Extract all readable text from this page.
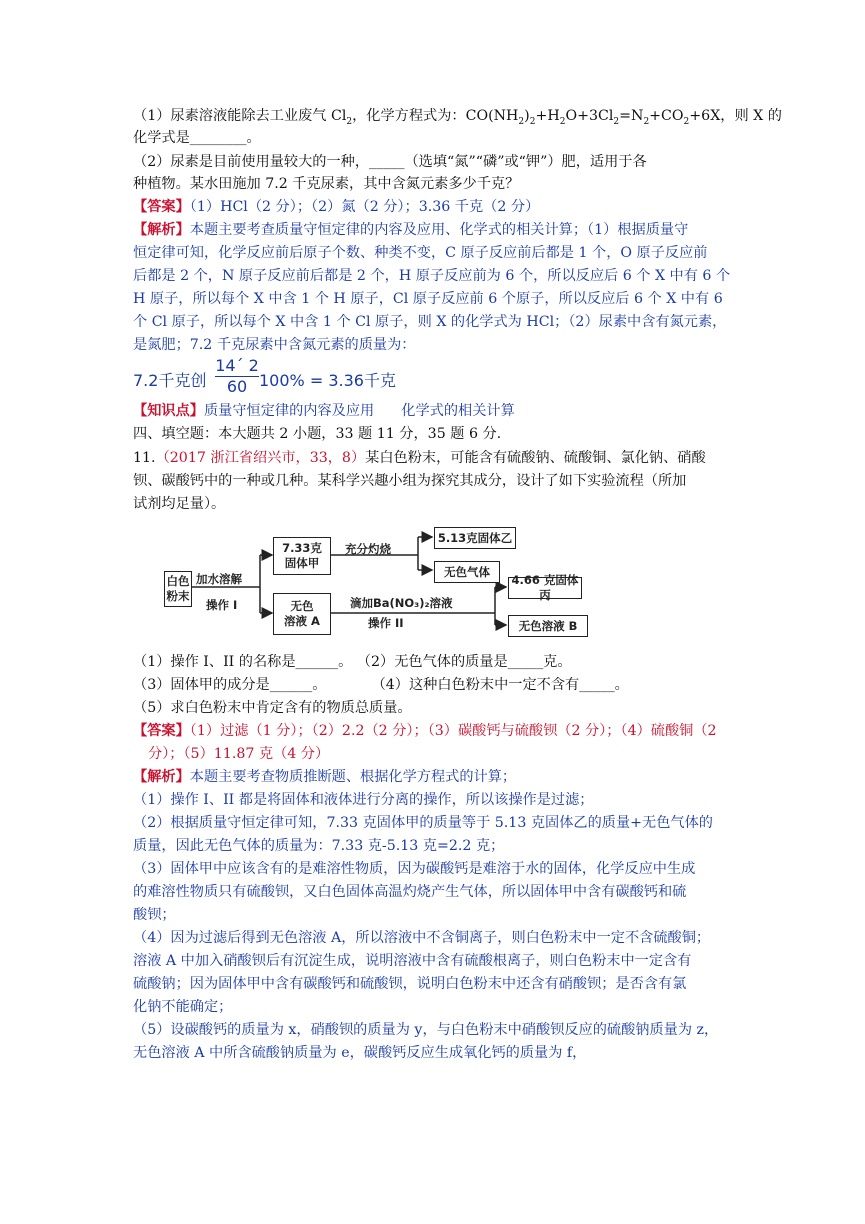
（1）尿素溶液能除去工业废气 $Cl_2$，化学方程式为：$CO(NH_2)_2+H_2O+3Cl_2=N_2+CO_2+6X$，则 X 的
化学式是________。
（2）尿素是目前使用量较大的一种，_____（选填“氮”“磷”或“钾”）肥，适用于各
种植物。某水田施加 7.2 千克尿素，其中含氮元素多少千克？
【答案】（1）HCl（2 分）；（2）氮（2 分）；3.36 千克（2 分）
【解析】本题主要考查质量守恒定律的内容及应用、化学式的相关计算；（1）根据质量守
恒定律可知，化学反应前后原子个数、种类不变，C 原子反应前后都是 1 个，O 原子反应前
后都是 2 个，N 原子反应前后都是 2 个，H 原子反应前为 6 个，所以反应后 6 个 X 中有 6 个
H 原子，所以每个 X 中含 1 个 H 原子，Cl 原子反应前 6 个原子，所以反应后 6 个 X 中有 6
个 Cl 原子，所以每个 X 中含 1 个 Cl 原子，则 X 的化学式为 HCl；（2）尿素中含有氮元素，
是氮肥；7.2 千克尿素中含氮元素的质量为：
7.2千克创 $\frac{14´ 2}{60} 100\% = 3.36$千克
【知识点】质量守恒定律的内容及应用      化学式的相关计算
四、填空题：本大题共 2 小题，33 题 11 分，35 题 6 分.
11.（2017 浙江省绍兴市，33，8）某白色粉末，可能含有硫酸钠、硫酸铜、氯化钠、硝酸
钡、碳酸钙中的一种或几种。某科学兴趣小组为探究其成分，设计了如下实验流程（所加
试剂均足量）。
白色
粉末
加水溶解
操作 I
7.33克
固体甲
无色
溶液 A
充分灼烧
5.13克固体乙
无色气体
滴加Ba(NO₃)₂溶液
操作 II
4.66 克固体丙
无色溶液 B
（1）操作 I、II 的名称是______。 （2）无色气体的质量是_____克。
（3）固体甲的成分是______。          （4）这种白色粉末中一定不含有_____。
（5）求白色粉末中肯定含有的物质总质量。
【答案】（1）过滤（1 分）；（2）2.2（2 分）；（3）碳酸钙与硫酸钡（2 分）；（4）硫酸铜（2
分）；（5）11.87 克（4 分）
【解析】本题主要考查物质推断题、根据化学方程式的计算；
（1）操作 I、II 都是将固体和液体进行分离的操作，所以该操作是过滤；
（2）根据质量守恒定律可知，7.33 克固体甲的质量等于 5.13 克固体乙的质量+无色气体的
质量，因此无色气体的质量为：7.33 克-5.13 克=2.2 克；
（3）固体甲中应该含有的是难溶性物质，因为碳酸钙是难溶于水的固体，化学反应中生成
的难溶性物质只有硫酸钡，又白色固体高温灼烧产生气体，所以固体甲中含有碳酸钙和硫
酸钡；
（4）因为过滤后得到无色溶液 A，所以溶液中不含铜离子，则白色粉末中一定不含硫酸铜；
溶液 A 中加入硝酸钡后有沉淀生成，说明溶液中含有硫酸根离子，则白色粉末中一定含有
硫酸钠；因为固体甲中含有碳酸钙和硫酸钡，说明白色粉末中还含有硝酸钡；是否含有氯
化钠不能确定；
（5）设碳酸钙的质量为 x，硝酸钡的质量为 y，与白色粉末中硝酸钡反应的硫酸钠质量为 z，
无色溶液 A 中所含硫酸钠质量为 e，碳酸钙反应生成氧化钙的质量为 f，
